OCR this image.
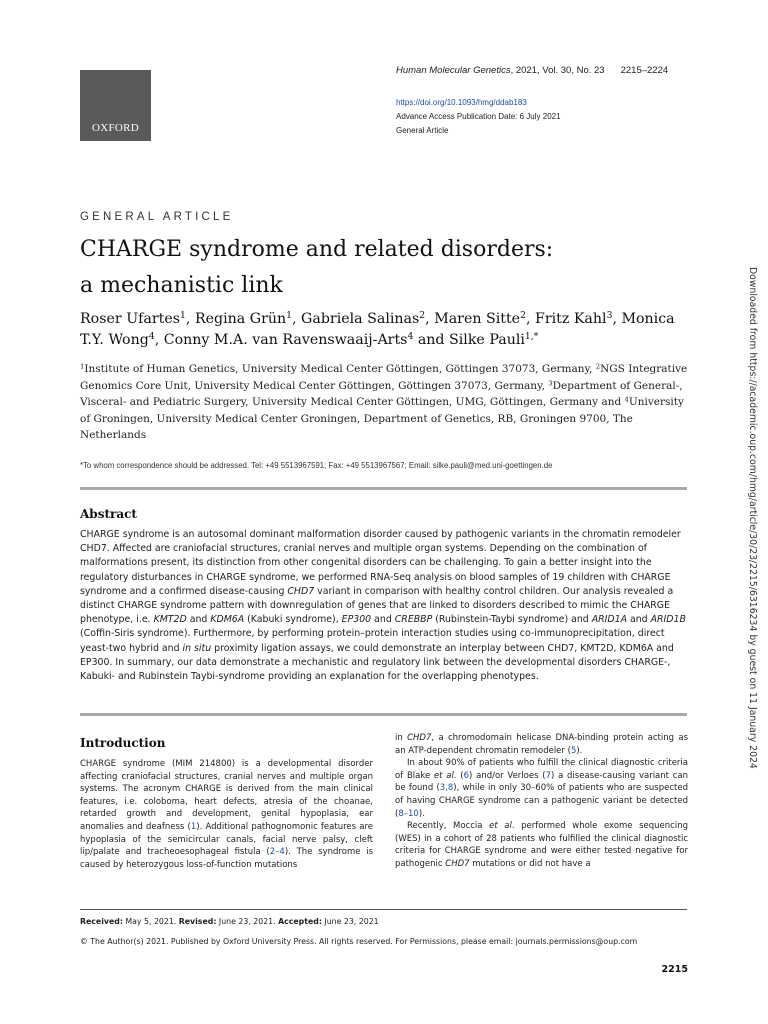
OXFORD
Human Molecular Genetics, 2021, Vol. 30, No. 23 2215–2224
https://doi.org/10.1093/hmg/ddab183
Advance Access Publication Date: 6 July 2021
General Article
GENERAL ARTICLE
CHARGE syndrome and related disorders:
a mechanistic link
Roser Ufartes$^1$, Regina Grün$^1$, Gabriela Salinas$^2$, Maren Sitte$^2$, Fritz Kahl$^3$, Monica T.Y. Wong$^4$, Conny M.A. van Ravenswaaij-Arts$^4$ and Silke Pauli$^{1,*}$
$^1$Institute of Human Genetics, University Medical Center Göttingen, Göttingen 37073, Germany, $^2$NGS Integrative Genomics Core Unit, University Medical Center Göttingen, Göttingen 37073, Germany, $^3$Department of General-, Visceral- and Pediatric Surgery, University Medical Center Göttingen, UMG, Göttingen, Germany and $^4$University of Groningen, University Medical Center Groningen, Department of Genetics, RB, Groningen 9700, The Netherlands
*To whom correspondence should be addressed. Tel: +49 5513967591; Fax: +49 5513967567; Email: silke.pauli@med.uni-goettingen.de
Abstract
CHARGE syndrome is an autosomal dominant malformation disorder caused by pathogenic variants in the chromatin remodeler CHD7. Affected are craniofacial structures, cranial nerves and multiple organ systems. Depending on the combination of malformations present, its distinction from other congenital disorders can be challenging. To gain a better insight into the regulatory disturbances in CHARGE syndrome, we performed RNA-Seq analysis on blood samples of 19 children with CHARGE syndrome and a confirmed disease-causing CHD7 variant in comparison with healthy control children. Our analysis revealed a distinct CHARGE syndrome pattern with downregulation of genes that are linked to disorders described to mimic the CHARGE phenotype, i.e. KMT2D and KDM6A (Kabuki syndrome), EP300 and CREBBP (Rubinstein-Taybi syndrome) and ARID1A and ARID1B (Coffin-Siris syndrome). Furthermore, by performing protein–protein interaction studies using co-immunoprecipitation, direct yeast-two hybrid and in situ proximity ligation assays, we could demonstrate an interplay between CHD7, KMT2D, KDM6A and EP300. In summary, our data demonstrate a mechanistic and regulatory link between the developmental disorders CHARGE-, Kabuki- and Rubinstein Taybi-syndrome providing an explanation for the overlapping phenotypes.
Introduction

CHARGE syndrome (MIM 214800) is a developmental disorder affecting craniofacial structures, cranial nerves and multiple organ systems. The acronym CHARGE is derived from the main clinical features, i.e. coloboma, heart defects, atresia of the choanae, retarded growth and development, genital hypoplasia, ear anomalies and deafness (1). Additional pathognomonic features are hypoplasia of the semicircular canals, facial nerve palsy, cleft lip/palate and tracheoesophageal fistula (2–4). The syndrome is caused by heterozygous loss-of-function mutations

in CHD7, a chromodomain helicase DNA-binding protein acting as an ATP-dependent chromatin remodeler (5).

In about 90% of patients who fulfill the clinical diagnostic criteria of Blake et al. (6) and/or Verloes (7) a disease-causing variant can be found (3,8), while in only 30–60% of patients who are suspected of having CHARGE syndrome can a pathogenic variant be detected (8–10).

Recently, Moccia et al. performed whole exome sequencing (WES) in a cohort of 28 patients who fulfilled the clinical diagnostic criteria for CHARGE syndrome and were either tested negative for pathogenic CHD7 mutations or did not have a

Received: May 5, 2021. Revised: June 23, 2021. Accepted: June 23, 2021
© The Author(s) 2021. Published by Oxford University Press. All rights reserved. For Permissions, please email: journals.permissions@oup.com
2215
Downloaded from https://academic.oup.com/hmg/article/30/23/2215/6316234 by guest on 11 January 2024
